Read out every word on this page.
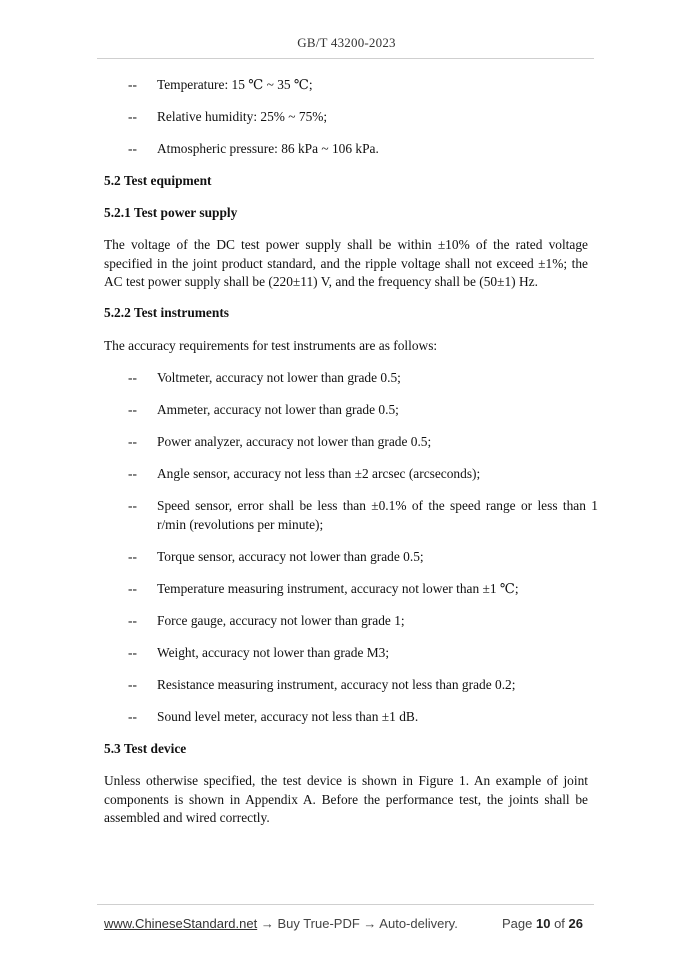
GB/T 43200-2023
-- Temperature: 15 ℃ ~ 35 ℃;
-- Relative humidity: 25% ~ 75%;
-- Atmospheric pressure: 86 kPa ~ 106 kPa.
5.2 Test equipment
5.2.1 Test power supply
The voltage of the DC test power supply shall be within ±10% of the rated voltage
specified in the joint product standard, and the ripple voltage shall not exceed ±1%; the
AC test power supply shall be (220±11) V, and the frequency shall be (50±1) Hz.
5.2.2 Test instruments
The accuracy requirements for test instruments are as follows:
-- Voltmeter, accuracy not lower than grade 0.5;
-- Ammeter, accuracy not lower than grade 0.5;
-- Power analyzer, accuracy not lower than grade 0.5;
-- Angle sensor, accuracy not less than ±2 arcsec (arcseconds);
-- Speed sensor, error shall be less than ±0.1% of the speed range or less than 1 r/min (revolutions per minute);
-- Torque sensor, accuracy not lower than grade 0.5;
-- Temperature measuring instrument, accuracy not lower than ±1 ℃;
-- Force gauge, accuracy not lower than grade 1;
-- Weight, accuracy not lower than grade M3;
-- Resistance measuring instrument, accuracy not less than grade 0.2;
-- Sound level meter, accuracy not less than ±1 dB.
5.3 Test device
Unless otherwise specified, the test device is shown in Figure 1. An example of joint
components is shown in Appendix A. Before the performance test, the joints shall be
assembled and wired correctly.
www.ChineseStandard.net → Buy True-PDF → Auto-delivery.	Page 10 of 26
